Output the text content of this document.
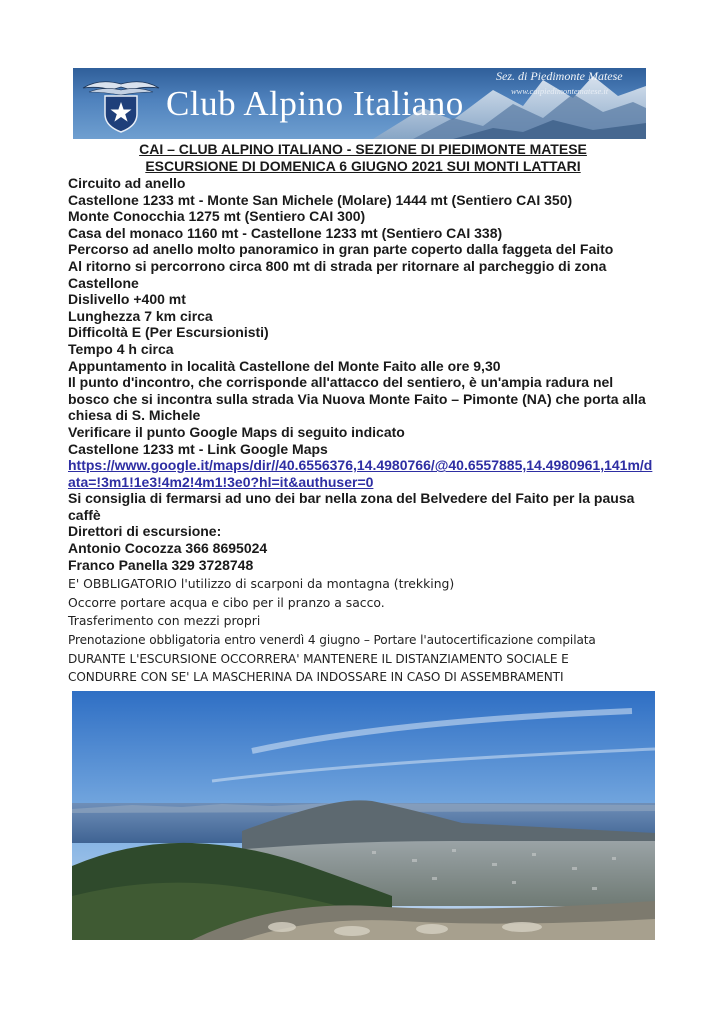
Club Alpino Italiano
Sez. di Piedimonte Matese
www.caipiedimontematese.it
CAI – CLUB ALPINO ITALIANO - SEZIONE DI PIEDIMONTE MATESE
ESCURSIONE DI DOMENICA 6 GIUGNO 2021 SUI MONTI LATTARI
Circuito ad anello
Castellone 1233 mt - Monte San Michele (Molare) 1444 mt (Sentiero CAI 350)
Monte Conocchia 1275 mt (Sentiero CAI 300)
Casa del monaco 1160 mt - Castellone 1233 mt (Sentiero CAI 338)
Percorso ad anello molto panoramico in gran parte coperto dalla faggeta del Faito
Al ritorno si percorrono circa 800 mt di strada per ritornare al parcheggio di zona Castellone
Dislivello +400 mt
Lunghezza 7 km circa
Difficoltà E (Per Escursionisti)
Tempo 4 h circa
Appuntamento in località Castellone del Monte Faito alle ore 9,30
Il punto d'incontro, che corrisponde all'attacco del sentiero, è un'ampia radura nel bosco che si incontra sulla strada Via Nuova Monte Faito – Pimonte (NA) che porta alla chiesa di S. Michele
Verificare il punto Google Maps di seguito indicato
Castellone 1233 mt - Link Google Maps
https://www.google.it/maps/dir//40.6556376,14.4980766/@40.6557885,14.4980961,141m/data=!3m1!1e3!4m2!4m1!3e0?hl=it&authuser=0
Si consiglia di fermarsi ad uno dei bar nella zona del Belvedere del Faito per la pausa caffè
Direttori di escursione:
Antonio Cocozza 366 8695024
Franco Panella 329 3728748
E' OBBLIGATORIO l'utilizzo di scarponi da montagna (trekking)
Occorre portare acqua e cibo per il pranzo a sacco.
Trasferimento con mezzi propri
Prenotazione obbligatoria entro venerdì 4 giugno – Portare l'autocertificazione compilata
DURANTE L'ESCURSIONE OCCORRERA' MANTENERE IL DISTANZIAMENTO SOCIALE E
CONDURRE CON SE' LA MASCHERINA DA INDOSSARE IN CASO DI ASSEMBRAMENTI
